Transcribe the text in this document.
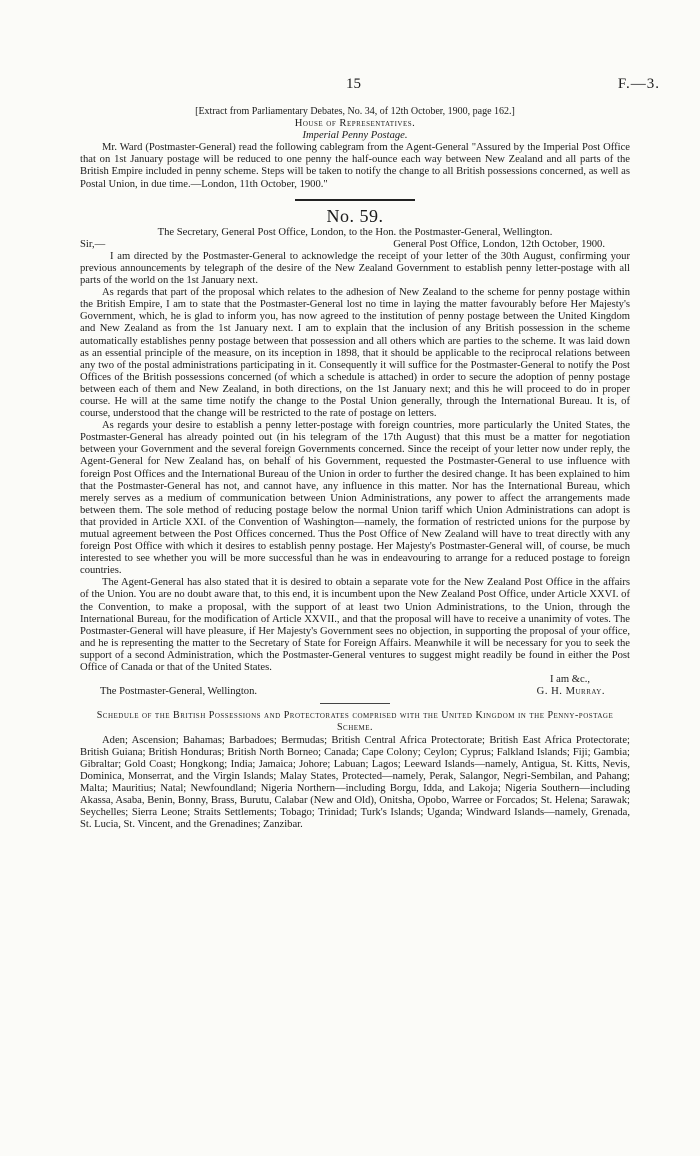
15	F.—3.

[Extract from Parliamentary Debates, No. 34, of 12th October, 1900, page 162.]

House of Representatives.

Imperial Penny Postage.

Mr. Ward (Postmaster-General) read the following cablegram from the Agent-General "Assured by the Imperial Post Office that on 1st January postage will be reduced to one penny the half-ounce each way between New Zealand and all parts of the British Empire included in penny scheme. Steps will be taken to notify the change to all British possessions concerned, as well as Postal Union, in due time.—London, 11th October, 1900."

No. 59.

The Secretary, General Post Office, London, to the Hon. the Postmaster-General, Wellington.

Sir,—	General Post Office, London, 12th October, 1900.

I am directed by the Postmaster-General to acknowledge the receipt of your letter of the 30th August, confirming your previous announcements by telegraph of the desire of the New Zealand Government to establish penny letter-postage with all parts of the world on the 1st January next.

As regards that part of the proposal which relates to the adhesion of New Zealand to the scheme for penny postage within the British Empire, I am to state that the Postmaster-General lost no time in laying the matter favourably before Her Majesty's Government, which, he is glad to inform you, has now agreed to the institution of penny postage between the United Kingdom and New Zealand as from the 1st January next. I am to explain that the inclusion of any British possession in the scheme automatically establishes penny postage between that possession and all others which are parties to the scheme. It was laid down as an essential principle of the measure, on its inception in 1898, that it should be applicable to the reciprocal relations between any two of the postal administrations participating in it. Consequently it will suffice for the Postmaster-General to notify the Post Offices of the British possessions concerned (of which a schedule is attached) in order to secure the adoption of penny postage between each of them and New Zealand, in both directions, on the 1st January next; and this he will proceed to do in proper course. He will at the same time notify the change to the Postal Union generally, through the International Bureau. It is, of course, understood that the change will be restricted to the rate of postage on letters.

As regards your desire to establish a penny letter-postage with foreign countries, more particularly the United States, the Postmaster-General has already pointed out (in his telegram of the 17th August) that this must be a matter for negotiation between your Government and the several foreign Governments concerned. Since the receipt of your letter now under reply, the Agent-General for New Zealand has, on behalf of his Government, requested the Postmaster-General to use influence with foreign Post Offices and the International Bureau of the Union in order to further the desired change. It has been explained to him that the Postmaster-General has not, and cannot have, any influence in this matter. Nor has the International Bureau, which merely serves as a medium of communication between Union Administrations, any power to affect the arrangements made between them. The sole method of reducing postage below the normal Union tariff which Union Administrations can adopt is that provided in Article XXI. of the Convention of Washington—namely, the formation of restricted unions for the purpose by mutual agreement between the Post Offices concerned. Thus the Post Office of New Zealand will have to treat directly with any foreign Post Office with which it desires to establish penny postage. Her Majesty's Postmaster-General will, of course, be much interested to see whether you will be more successful than he was in endeavouring to arrange for a reduced postage to foreign countries.

The Agent-General has also stated that it is desired to obtain a separate vote for the New Zealand Post Office in the affairs of the Union. You are no doubt aware that, to this end, it is incumbent upon the New Zealand Post Office, under Article XXVI. of the Convention, to make a proposal, with the support of at least two Union Administrations, to the Union, through the International Bureau, for the modification of Article XXVII., and that the proposal will have to receive a unanimity of votes. The Postmaster-General will have pleasure, if Her Majesty's Government sees no objection, in supporting the proposal of your office, and he is representing the matter to the Secretary of State for Foreign Affairs. Meanwhile it will be necessary for you to seek the support of a second Administration, which the Postmaster-General ventures to suggest might readily be found in either the Post Office of Canada or that of the United States.

I am &c.,

The Postmaster-General, Wellington.	G. H. Murray.

Schedule of the British Possessions and Protectorates comprised with the United Kingdom in the Penny-postage Scheme.

Aden; Ascension; Bahamas; Barbadoes; Bermudas; British Central Africa Protectorate; British East Africa Protectorate; British Guiana; British Honduras; British North Borneo; Canada; Cape Colony; Ceylon; Cyprus; Falkland Islands; Fiji; Gambia; Gibraltar; Gold Coast; Hongkong; India; Jamaica; Johore; Labuan; Lagos; Leeward Islands—namely, Antigua, St. Kitts, Nevis, Dominica, Monserrat, and the Virgin Islands; Malay States, Protected—namely, Perak, Salangor, Negri-Sembilan, and Pahang; Malta; Mauritius; Natal; Newfoundland; Nigeria Northern—including Borgu, Idda, and Lakoja; Nigeria Southern—including Akassa, Asaba, Benin, Bonny, Brass, Burutu, Calabar (New and Old), Onitsha, Opobo, Warree or Forcados; St. Helena; Sarawak; Seychelles; Sierra Leone; Straits Settlements; Tobago; Trinidad; Turk's Islands; Uganda; Windward Islands—namely, Grenada, St. Lucia, St. Vincent, and the Grenadines; Zanzibar.
